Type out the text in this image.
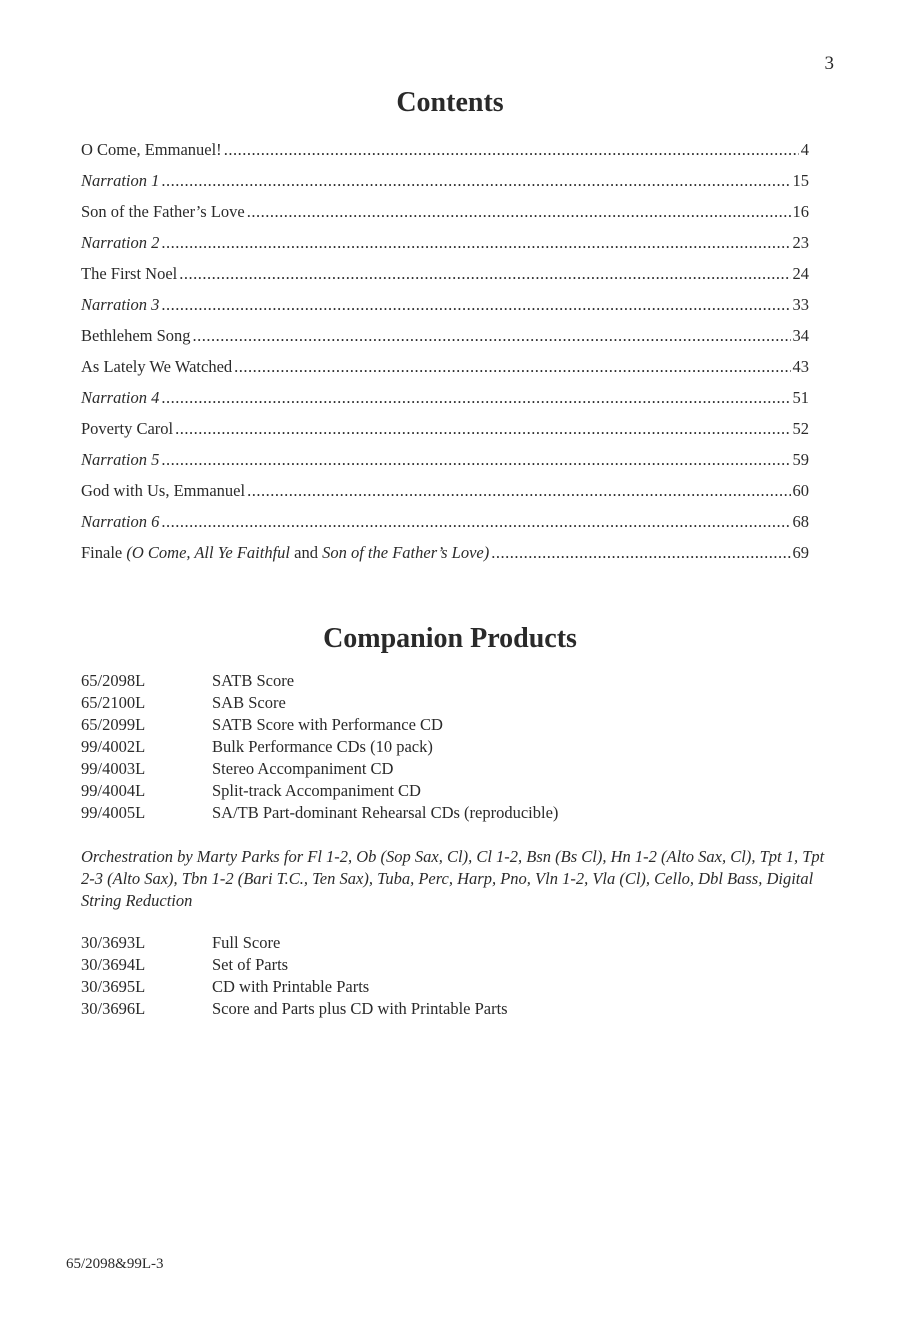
3
Contents
O Come, Emmanuel! .....	4
Narration 1 .....	15
Son of the Father’s Love .....	16
Narration 2 .....	23
The First Noel .....	24
Narration 3 .....	33
Bethlehem Song .....	34
As Lately We Watched .....	43
Narration 4 .....	51
Poverty Carol .....	52
Narration 5 .....	59
God with Us, Emmanuel .....	60
Narration 6 .....	68
Finale (O Come, All Ye Faithful and Son of the Father’s Love) .....	69
Companion Products
65/2098L	SATB Score
65/2100L	SAB Score
65/2099L	SATB Score with Performance CD
99/4002L	Bulk Performance CDs (10 pack)
99/4003L	Stereo Accompaniment CD
99/4004L	Split-track Accompaniment CD
99/4005L	SA/TB Part-dominant Rehearsal CDs (reproducible)

Orchestration by Marty Parks for Fl 1-2, Ob (Sop Sax, Cl), Cl 1-2, Bsn (Bs Cl), Hn 1-2 (Alto Sax, Cl), Tpt 1, Tpt 2-3 (Alto Sax), Tbn 1-2 (Bari T.C., Ten Sax), Tuba, Perc, Harp, Pno, Vln 1-2, Vla (Cl), Cello, Dbl Bass, Digital String Reduction

30/3693L	Full Score
30/3694L	Set of Parts
30/3695L	CD with Printable Parts
30/3696L	Score and Parts plus CD with Printable Parts
65/2098&99L-3
